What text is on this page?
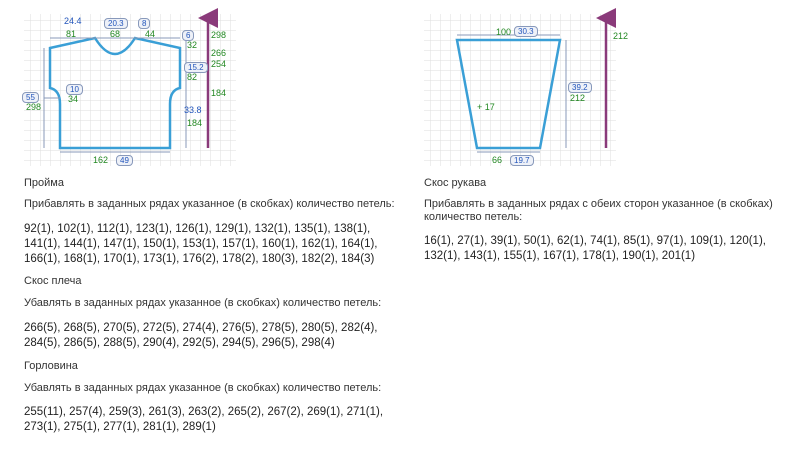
24.4
81
20.3
68
8
44	6
32
298
266
254
15.2
82
184
33.8
184
10
34
55
298
162	49
100 30.3	212
39.2
212
+ 17
66	19.7
Пройма
Прибавлять в заданных рядах указанное (в скобках) количество петель:
92(1), 102(1), 112(1), 123(1), 126(1), 129(1), 132(1), 135(1), 138(1),
141(1), 144(1), 147(1), 150(1), 153(1), 157(1), 160(1), 162(1), 164(1),
166(1), 168(1), 170(1), 173(1), 176(2), 178(2), 180(3), 182(2), 184(3)
Скос плеча
Убавлять в заданных рядах указанное (в скобках) количество петель:
266(5), 268(5), 270(5), 272(5), 274(4), 276(5), 278(5), 280(5), 282(4),
284(5), 286(5), 288(5), 290(4), 292(5), 294(5), 296(5), 298(4)
Горловина
Убавлять в заданных рядах указанное (в скобках) количество петель:
255(11), 257(4), 259(3), 261(3), 263(2), 265(2), 267(2), 269(1), 271(1),
273(1), 275(1), 277(1), 281(1), 289(1)
Скос рукава
Прибавлять в заданных рядах с обеих сторон указанное (в скобках)
количество петель:
16(1), 27(1), 39(1), 50(1), 62(1), 74(1), 85(1), 97(1), 109(1), 120(1),
132(1), 143(1), 155(1), 167(1), 178(1), 190(1), 201(1)
